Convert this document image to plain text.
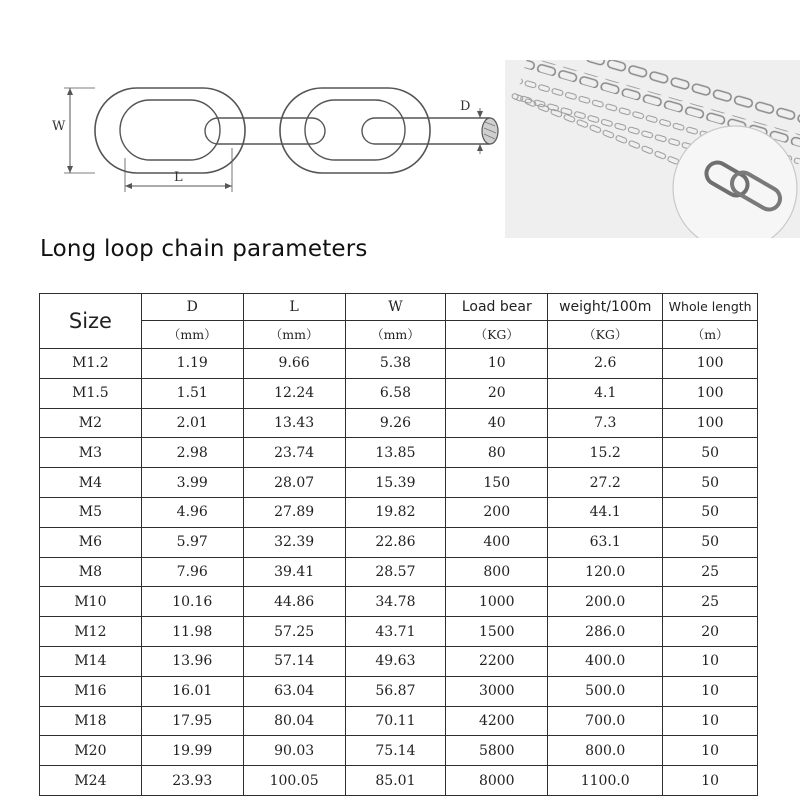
W
L
D
Long loop chain parameters
Size	D	L	W	Load bear	weight/100m	Whole length
	（mm）	（mm）	（mm）	（KG）	（KG）	（m）
M1.2	1.19	9.66	5.38	10	2.6	100
M1.5	1.51	12.24	6.58	20	4.1	100
M2	2.01	13.43	9.26	40	7.3	100
M3	2.98	23.74	13.85	80	15.2	50
M4	3.99	28.07	15.39	150	27.2	50
M5	4.96	27.89	19.82	200	44.1	50
M6	5.97	32.39	22.86	400	63.1	50
M8	7.96	39.41	28.57	800	120.0	25
M10	10.16	44.86	34.78	1000	200.0	25
M12	11.98	57.25	43.71	1500	286.0	20
M14	13.96	57.14	49.63	2200	400.0	10
M16	16.01	63.04	56.87	3000	500.0	10
M18	17.95	80.04	70.11	4200	700.0	10
M20	19.99	90.03	75.14	5800	800.0	10
M24	23.93	100.05	85.01	8000	1100.0	10
